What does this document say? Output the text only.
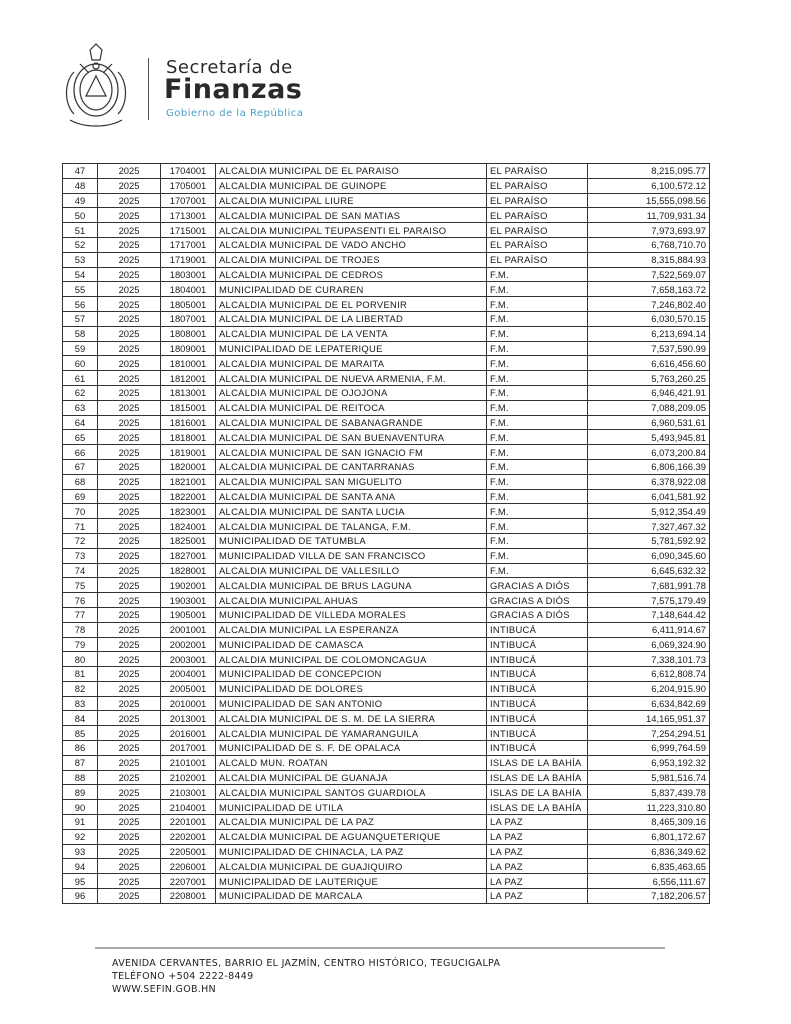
Secretaría de
Finanzas
Gobierno de la República
47	2025	1704001	ALCALDIA MUNICIPAL DE EL PARAISO	EL PARAÍSO	8,215,095.77
48	2025	1705001	ALCALDIA MUNICIPAL DE GUINOPE	EL PARAÍSO	6,100,572.12
49	2025	1707001	ALCALDIA MUNICIPAL LIURE	EL PARAÍSO	15,555,098.56
50	2025	1713001	ALCALDIA MUNICIPAL DE SAN MATIAS	EL PARAÍSO	11,709,931.34
51	2025	1715001	ALCALDIA MUNICIPAL TEUPASENTI EL PARAISO	EL PARAÍSO	7,973,693.97
52	2025	1717001	ALCALDIA MUNICIPAL DE VADO ANCHO	EL PARAÍSO	6,768,710.70
53	2025	1719001	ALCALDIA MUNICIPAL DE TROJES	EL PARAÍSO	8,315,884.93
54	2025	1803001	ALCALDIA MUNICIPAL DE CEDROS	F.M.	7,522,569.07
55	2025	1804001	MUNICIPALIDAD DE CURAREN	F.M.	7,658,163.72
56	2025	1805001	ALCALDIA MUNICIPAL DE EL PORVENIR	F.M.	7,246,802.40
57	2025	1807001	ALCALDIA MUNICIPAL DE LA LIBERTAD	F.M.	6,030,570.15
58	2025	1808001	ALCALDIA MUNICIPAL DE LA VENTA	F.M.	6,213,694.14
59	2025	1809001	MUNICIPALIDAD DE LEPATERIQUE	F.M.	7,537,590.99
60	2025	1810001	ALCALDIA MUNICIPAL DE MARAITA	F.M.	6,616,456.60
61	2025	1812001	ALCALDIA MUNICIPAL DE NUEVA ARMENIA, F.M.	F.M.	5,763,260.25
62	2025	1813001	ALCALDIA MUNICIPAL DE OJOJONA	F.M.	6,946,421.91
63	2025	1815001	ALCALDIA MUNICIPAL DE REITOCA	F.M.	7,088,209.05
64	2025	1816001	ALCALDIA MUNICIPAL DE SABANAGRANDE	F.M.	6,960,531.61
65	2025	1818001	ALCALDIA MUNICIPAL DE SAN BUENAVENTURA	F.M.	5,493,945.81
66	2025	1819001	ALCALDIA MUNICIPAL DE SAN IGNACIO FM	F.M.	6,073,200.84
67	2025	1820001	ALCALDIA MUNICIPAL DE CANTARRANAS	F.M.	6,806,166.39
68	2025	1821001	ALCALDIA MUNICIPAL SAN MIGUELITO	F.M.	6,378,922.08
69	2025	1822001	ALCALDIA MUNICIPAL DE SANTA ANA	F.M.	6,041,581.92
70	2025	1823001	ALCALDIA MUNICIPAL DE SANTA LUCIA	F.M.	5,912,354.49
71	2025	1824001	ALCALDIA MUNICIPAL DE TALANGA, F.M.	F.M.	7,327,467.32
72	2025	1825001	MUNICIPALIDAD DE TATUMBLA	F.M.	5,781,592.92
73	2025	1827001	MUNICIPALIDAD VILLA DE SAN FRANCISCO	F.M.	6,090,345.60
74	2025	1828001	ALCALDIA MUNICIPAL DE VALLESILLO	F.M.	6,645,632.32
75	2025	1902001	ALCALDIA MUNICIPAL DE BRUS LAGUNA	GRACIAS A DIÓS	7,681,991.78
76	2025	1903001	ALCALDIA MUNICIPAL AHUAS	GRACIAS A DIÓS	7,575,179.49
77	2025	1905001	MUNICIPALIDAD DE VILLEDA MORALES	GRACIAS A DIÓS	7,148,644.42
78	2025	2001001	ALCALDIA MUNICIPAL LA ESPERANZA	INTIBUCÁ	6,411,914.67
79	2025	2002001	MUNICIPALIDAD DE CAMASCA	INTIBUCÁ	6,069,324.90
80	2025	2003001	ALCALDIA MUNICIPAL DE COLOMONCAGUA	INTIBUCÁ	7,338,101.73
81	2025	2004001	MUNICIPALIDAD DE CONCEPCION	INTIBUCÁ	6,612,808.74
82	2025	2005001	MUNICIPALIDAD DE DOLORES	INTIBUCÁ	6,204,915.90
83	2025	2010001	MUNICIPALIDAD DE SAN ANTONIO	INTIBUCÁ	6,634,842.69
84	2025	2013001	ALCALDIA MUNICIPAL DE S. M. DE LA SIERRA	INTIBUCÁ	14,165,951.37
85	2025	2016001	ALCALDIA MUNICIPAL DE YAMARANGUILA	INTIBUCÁ	7,254,294.51
86	2025	2017001	MUNICIPALIDAD DE S. F. DE OPALACA	INTIBUCÁ	6,999,764.59
87	2025	2101001	ALCALD MUN. ROATAN	ISLAS DE LA BAHÍA	6,953,192.32
88	2025	2102001	ALCALDIA MUNICIPAL DE GUANAJA	ISLAS DE LA BAHÍA	5,981,516.74
89	2025	2103001	ALCALDIA MUNICIPAL SANTOS GUARDIOLA	ISLAS DE LA BAHÍA	5,837,439.78
90	2025	2104001	MUNICIPALIDAD DE UTILA	ISLAS DE LA BAHÍA	11,223,310.80
91	2025	2201001	ALCALDIA MUNICIPAL DE LA PAZ	LA PAZ	8,465,309.16
92	2025	2202001	ALCALDIA MUNICIPAL DE AGUANQUETERIQUE	LA PAZ	6,801,172.67
93	2025	2205001	MUNICIPALIDAD DE CHINACLA, LA PAZ	LA PAZ	6,836,349.62
94	2025	2206001	ALCALDIA MUNICIPAL DE GUAJIQUIRO	LA PAZ	6,835,463.65
95	2025	2207001	MUNICIPALIDAD DE LAUTERIQUE	LA PAZ	6,556,111.67
96	2025	2208001	MUNICIPALIDAD DE MARCALA	LA PAZ	7,182,206.57
AVENIDA CERVANTES, BARRIO EL JAZMÍN, CENTRO HISTÓRICO, TEGUCIGALPA
TELÉFONO +504 2222-8449
WWW.SEFIN.GOB.HN
